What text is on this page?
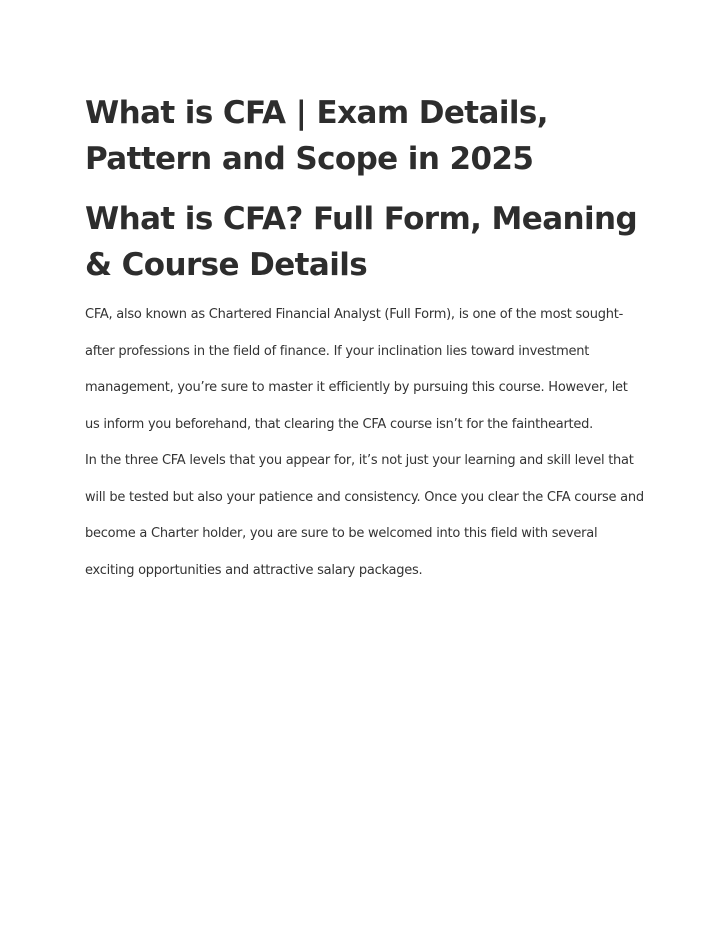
What is CFA | Exam Details, Pattern and Scope in 2025
What is CFA? Full Form, Meaning & Course Details

CFA, also known as Chartered Financial Analyst (Full Form), is one of the most sought-after professions in the field of finance. If your inclination lies toward investment management, you’re sure to master it efficiently by pursuing this course. However, let us inform you beforehand, that clearing the CFA course isn’t for the fainthearted.

In the three CFA levels that you appear for, it’s not just your learning and skill level that will be tested but also your patience and consistency. Once you clear the CFA course and become a Charter holder, you are sure to be welcomed into this field with several exciting opportunities and attractive salary packages.
